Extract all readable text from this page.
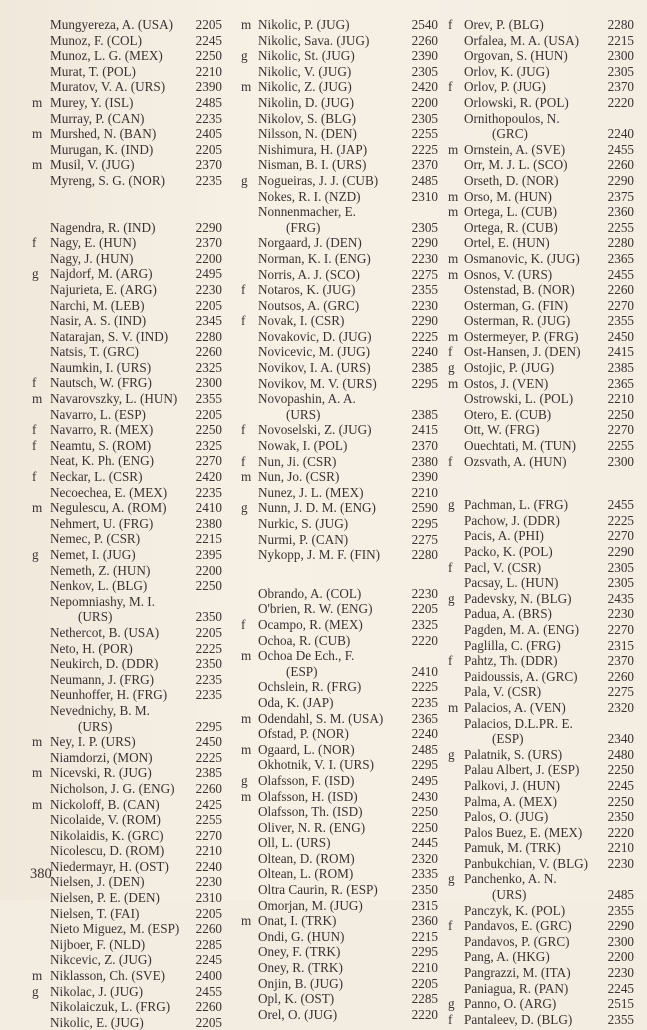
Mungyereza, A. (USA) 2205
Munoz, F. (COL)	2245
Munoz, L. G. (MEX) 2250
Murat, T. (POL)	2210
Muratov, V. A. (URS) 2390
m Murey, Y. (ISL)	2485
Murray, P. (CAN)	2235
m Murshed, N. (BAN)	2405
Murugan, K. (IND)	2205
m Musil, V. (JUG)	2370
Myreng, S. G. (NOR) 2235
Nagendra, R. (IND)	2290
f	Nagy, E. (HUN)	2370
Nagy, J. (HUN)	2200
g Najdorf, M. (ARG)	2495
Najurieta, E. (ARG)	2230
Narchi, M. (LEB)	2205
Nasir, A. S. (IND)	2345
Natarajan, S. V. (IND) 2280
Natsis, T. (GRC)	2260
Naumkin, I. (URS)	2325
f	Nautsch, W. (FRG)	2300
m Navarovszky, L. (HUN) 2355
Navarro, L. (ESP)	2205
f	Navarro, R. (MEX)	2250
f	Neamtu, S. (ROM)	2325
Neat, K. Ph. (ENG)	2270
f	Neckar, L. (CSR)	2420
Necoechea, E. (MEX) 2235
m Negulescu, A. (ROM) 2410
Nehmert, U. (FRG)	2380
Nemec, P. (CSR)	2215
g Nemet, I. (JUG)	2395
Nemeth, Z. (HUN)	2200
Nenkov, L. (BLG)	2250
Nepomniashy, M. I.
(URS)	2350
Nethercot, B. (USA)	2205
Neto, H. (POR)	2225
Neukirch, D. (DDR)	2350
Neumann, J. (FRG)	2235
Neunhoffer, H. (FRG) 2235
Nevednichy, B. M.
(URS)	2295
m Ney, I. P. (URS)	2450
Niamdorzi, (MON)	2225
m Nicevski, R. (JUG)	2385
Nicholson, J. G. (ENG) 2260
m Nickoloff, B. (CAN)	2425
Nicolaide, V. (ROM)	2255
Nikolaidis, K. (GRC) 2270
Nicolescu, D. (ROM) 2210
Niedermayr, H. (OST) 2240
Nielsen, J. (DEN)	2230
Nielsen, P. E. (DEN)	2310
Nielsen, T. (FAI)	2205
Nieto Miguez, M. (ESP) 2260
Nijboer, F. (NLD)	2285
Nikcevic, Z. (JUG)	2245
m Niklasson, Ch. (SVE) 2400
g Nikolac, J. (JUG)	2455
Nikolaiczuk, L. (FRG) 2260
Nikolic, E. (JUG)	2205
m Nikolic, P. (JUG)	2540
Nikolic, Sava. (JUG)	2260
g Nikolic, St. (JUG)	2390
Nikolic, V. (JUG)	2305
m Nikolic, Z. (JUG)	2420
Nikolin, D. (JUG)	2200
Nikolov, S. (BLG)	2305
Nilsson, N. (DEN)	2255
Nishimura, H. (JAP)	2225
Nisman, B. I. (URS)	2370
g Nogueiras, J. J. (CUB)	2485
Nokes, R. I. (NZD)	2310
Nonnenmacher, E.
(FRG)	2305
Norgaard, J. (DEN)	2290
Norman, K. I. (ENG)	2230
Norris, A. J. (SCO)	2275
f Notaros, K. (JUG)	2355
Noutsos, A. (GRC)	2230
f Novak, I. (CSR)	2290
Novakovic, D. (JUG)	2225
Novicevic, M. (JUG)	2240
Novikov, I. A. (URS)	2385
Novikov, M. V. (URS)	2295
Novopashin, A. A.
(URS)	2385
f Novoselski, Z. (JUG)	2415
Nowak, I. (POL)	2370
f Nun, Ji. (CSR)	2380
m Nun, Jo. (CSR)	2390
Nunez, J. L. (MEX)	2210
g Nunn, J. D. M. (ENG)	2590
Nurkic, S. (JUG)	2295
Nurmi, P. (CAN)	2275
Nykopp, J. M. F. (FIN) 2280
Obrando, A. (COL)	2230
O'brien, R. W. (ENG)	2205
f Ocampo, R. (MEX)	2325
Ochoa, R. (CUB)	2220
m Ochoa De Ech., F.
(ESP)	2410
Ochslein, R. (FRG)	2225
Oda, K. (JAP)	2235
m Odendahl, S. M. (USA) 2365
Ofstad, P. (NOR)	2240
m Ogaard, L. (NOR)	2485
Okhotnik, V. I. (URS)	2295
g Olafsson, F. (ISD)	2495
m Olafsson, H. (ISD)	2430
Olafsson, Th. (ISD)	2250
Oliver, N. R. (ENG)	2250
Oll, L. (URS)	2445
Oltean, D. (ROM)	2320
Oltean, L. (ROM)	2335
Oltra Caurin, R. (ESP)	2350
Omorjan, M. (JUG)	2315
m Onat, I. (TRK)	2360
Ondi, G. (HUN)	2215
Oney, F. (TRK)	2295
Oney, R. (TRK)	2210
Onjin, B. (JUG)	2205
Opl, K. (OST)	2285
Orel, O. (JUG)	2220
f Orev, P. (BLG)	2280
Orfalea, M. A. (USA) 2215
Orgovan, S. (HUN)	2300
Orlov, K. (JUG)	2305
f Orlov, P. (JUG)	2370
Orlowski, R. (POL)	2220
Ornithopoulos, N.
(GRC)	2240
m Ornstein, A. (SVE)	2455
Orr, M. J. L. (SCO)	2260
Orseth, D. (NOR)	2290
m Orso, M. (HUN)	2375
m Ortega, L. (CUB)	2360
Ortega, R. (CUB)	2255
Ortel, E. (HUN)	2280
m Osmanovic, K. (JUG) 2365
m Osnos, V. (URS)	2455
Ostenstad, B. (NOR)	2260
Osterman, G. (FIN)	2270
Osterman, R. (JUG)	2355
m Ostermeyer, P. (FRG) 2450
f Ost-Hansen, J. (DEN) 2415
g Ostojic, P. (JUG)	2385
m Ostos, J. (VEN)	2365
Ostrowski, L. (POL)	2210
Otero, E. (CUB)	2250
Ott, W. (FRG)	2270
Ouechtati, M. (TUN) 2255
f Ozsvath, A. (HUN)	2300
g Pachman, L. (FRG)	2455
Pachow, J. (DDR)	2225
Pacis, A. (PHI)	2270
Packo, K. (POL)	2290
f Pacl, V. (CSR)	2305
Pacsay, L. (HUN)	2305
g Padevsky, N. (BLG)	2435
Padua, A. (BRS)	2230
Pagden, M. A. (ENG) 2270
Paglilla, C. (FRG)	2315
f Pahtz, Th. (DDR)	2370
Paidoussis, A. (GRC) 2260
Pala, V. (CSR)	2275
m Palacios, A. (VEN)	2320
Palacios, D.L.PR. E.
(ESP)	2340
g Palatnik, S. (URS)	2480
Palau Albert, J. (ESP) 2250
Palkovi, J. (HUN)	2245
Palma, A. (MEX)	2250
Palos, O. (JUG)	2350
Palos Buez, E. (MEX) 2220
Pamuk, M. (TRK)	2210
Panbukchian, V. (BLG) 2230
g Panchenko, A. N.
(URS)	2485
Panczyk, K. (POL)	2355
f Pandavos, E. (GRC)	2290
Pandavos, P. (GRC)	2300
Pang, A. (HKG)	2200
Pangrazzi, M. (ITA)	2230
Paniagua, R. (PAN)	2245
g Panno, O. (ARG)	2515
f Pantaleev, D. (BLG)	2355
380
